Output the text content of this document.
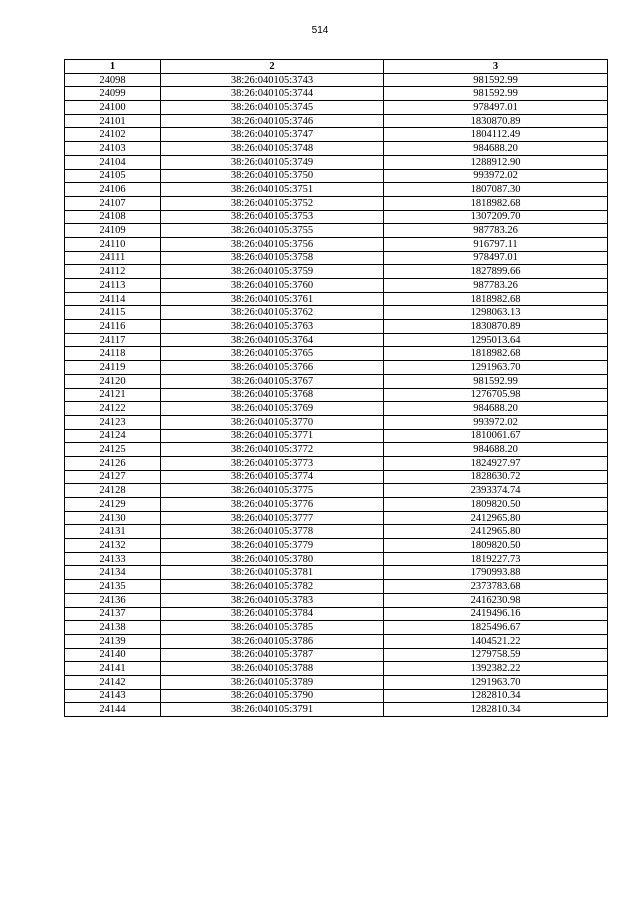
514
1	2	3
24098	38:26:040105:3743	981592.99
24099	38:26:040105:3744	981592.99
24100	38:26:040105:3745	978497.01
24101	38:26:040105:3746	1830870.89
24102	38:26:040105:3747	1804112.49
24103	38:26:040105:3748	984688.20
24104	38:26:040105:3749	1288912.90
24105	38:26:040105:3750	993972.02
24106	38:26:040105:3751	1807087.30
24107	38:26:040105:3752	1818982.68
24108	38:26:040105:3753	1307209.70
24109	38:26:040105:3755	987783.26
24110	38:26:040105:3756	916797.11
24111	38:26:040105:3758	978497.01
24112	38:26:040105:3759	1827899.66
24113	38:26:040105:3760	987783.26
24114	38:26:040105:3761	1818982.68
24115	38:26:040105:3762	1298063.13
24116	38:26:040105:3763	1830870.89
24117	38:26:040105:3764	1295013.64
24118	38:26:040105:3765	1818982.68
24119	38:26:040105:3766	1291963.70
24120	38:26:040105:3767	981592.99
24121	38:26:040105:3768	1276705.98
24122	38:26:040105:3769	984688.20
24123	38:26:040105:3770	993972.02
24124	38:26:040105:3771	1810061.67
24125	38:26:040105:3772	984688.20
24126	38:26:040105:3773	1824927.97
24127	38:26:040105:3774	1828630.72
24128	38:26:040105:3775	2393374.74
24129	38:26:040105:3776	1809820.50
24130	38:26:040105:3777	2412965.80
24131	38:26:040105:3778	2412965.80
24132	38:26:040105:3779	1809820.50
24133	38:26:040105:3780	1819227.73
24134	38:26:040105:3781	1790993.88
24135	38:26:040105:3782	2373783.68
24136	38:26:040105:3783	2416230.98
24137	38:26:040105:3784	2419496.16
24138	38:26:040105:3785	1825496.67
24139	38:26:040105:3786	1404521.22
24140	38:26:040105:3787	1279758.59
24141	38:26:040105:3788	1392382.22
24142	38:26:040105:3789	1291963.70
24143	38:26:040105:3790	1282810.34
24144	38:26:040105:3791	1282810.34
